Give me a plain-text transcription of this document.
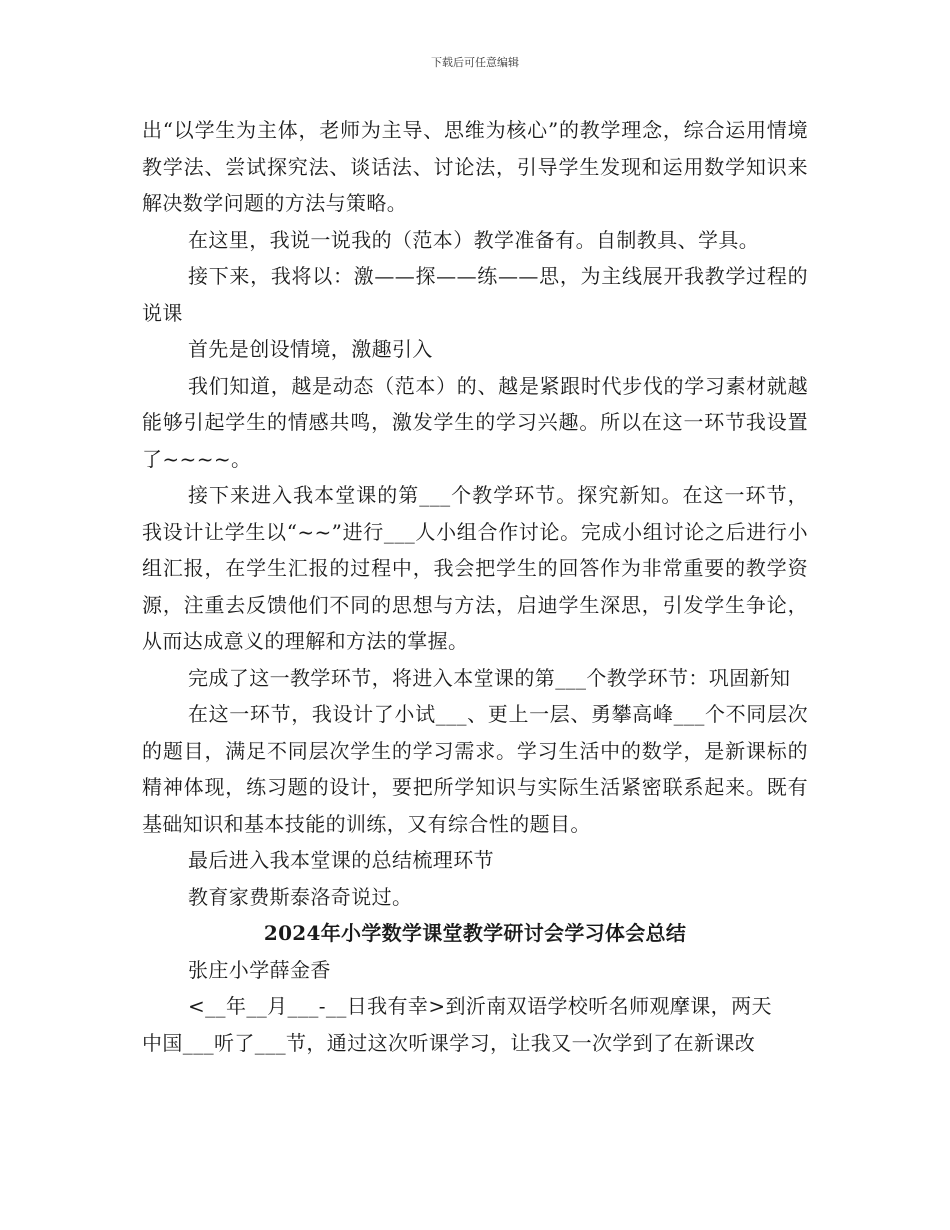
下载后可任意编辑

出“以学生为主体，老师为主导、思维为核心”的教学理念，综合运用情境教学法、尝试探究法、谈话法、讨论法，引导学生发现和运用数学知识来解决数学问题的方法与策略。

在这里，我说一说我的（范本）教学准备有。自制教具、学具。

接下来，我将以：激——探——练——思，为主线展开我教学过程的说课

首先是创设情境，激趣引入

我们知道，越是动态（范本）的、越是紧跟时代步伐的学习素材就越能够引起学生的情感共鸣，激发学生的学习兴趣。所以在这一环节我设置了~~~~。

接下来进入我本堂课的第___个教学环节。探究新知。在这一环节，我设计让学生以“~~”进行___人小组合作讨论。完成小组讨论之后进行小组汇报，在学生汇报的过程中，我会把学生的回答作为非常重要的教学资源，注重去反馈他们不同的思想与方法，启迪学生深思，引发学生争论，从而达成意义的理解和方法的掌握。

完成了这一教学环节，将进入本堂课的第___个教学环节：巩固新知

在这一环节，我设计了小试___、更上一层、勇攀高峰___个不同层次的题目，满足不同层次学生的学习需求。学习生活中的数学，是新课标的精神体现，练习题的设计，要把所学知识与实际生活紧密联系起来。既有基础知识和基本技能的训练，又有综合性的题目。

最后进入我本堂课的总结梳理环节

教育家费斯泰洛奇说过。

2024年小学数学课堂教学研讨会学习体会总结

张庄小学薛金香

<__年__月___-__日我有幸>到沂南双语学校听名师观摩课，两天

中国___听了___节，通过这次听课学习，让我又一次学到了在新课改
